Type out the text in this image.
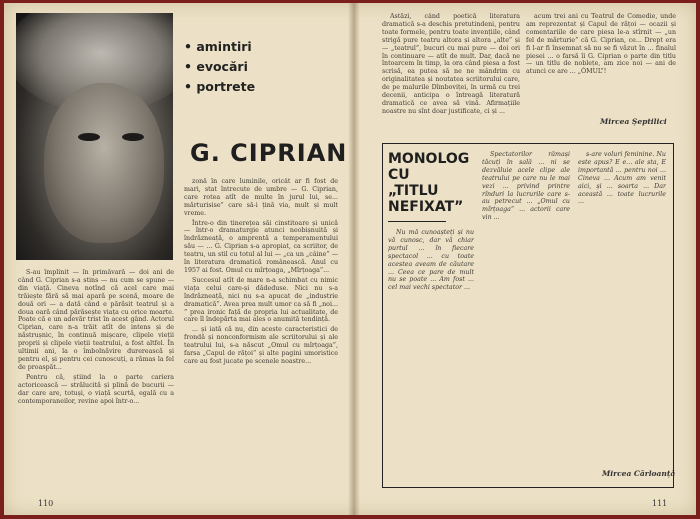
• amintiri
• evocări
• portrete
G. CIPRIAN

S-au împlinit — în primăvară — doi ani de când G. Ciprian s-a stins — nu cum se spune — din viață. Cineva notînd că acel care mai trăiește fără să mai apară pe scenă, moare de două ori — a dată când e părăsit teatrul și a doua oară când părăsește viața cu orice moarte. Poate că e un adevăr trist în acest gând. Actorul Ciprian, care n-a trăit atît de intens și de năstrușnic, în continuă mișcare, clipele vieții proprii și clipele vieții teatrului, a fost altfel. În ultimii ani, la o îmbolnăvire durerească și pentru el, și pentru cei cunoscuți, a rămas la fel de proaspăt...

Pentru că, știind la o parte cariera actoricească — strălucită și plină de bucurii — dar care are, totuși, o viață scurtă, egală cu a contemporaneilor, revine apoi într-o...

zonă în care luminile, oricât ar fi fost de mari, stat întrecute de umbre — G. Ciprian, care rotea atît de multe în jurul lui, se... mărturisise” care să-i țină via, mult și mult vreme.

Între-o din tinerețea săi cinstitoare și unică — într-o dramaturgie atunci neobișnuită și îndrăzneață, o amprentă a temperamentului său — ... G. Ciprian s-a apropiat, ca scriitor, de teatru, un stil cu totul al lui — „ca un „câine” — în literatura dramatică românească. Anul cu 1957 ai fost. Omul cu mîrțoaga, „Mîrțoaga”...

Succesul atît de mare n-a schimbat cu nimic viața celui care-și dădeduse. Nici nu s-a îndrăzneață, nici nu s-a apucat de „industrie dramatică”. Avea prea mult umor ca să fi „noi... ” prea ironic față de propria lui actualitate, de care îl îndepărta mai ales o anumită tendință.

... și iată că nu, din aceste caracteristici de frondă și nonconformism ale scriitorului și ale teatrului lui, s-a născut „Omul cu mîrțoaga”, farsa „Capul de rățoi” și alte pagini umoristice care au fost jucate pe scenele noastre...

110

Astăzi, când poetică literatura dramatică s-a deschis pretutindeni, pentru toate formele, pentru toate invențiile, când strigă pure teatru altora și altora „alte” și — „teatrul”, bucuri cu mai pure — doi ori în continuare — atît de mult. Dar, dacă ne întoarcem în timp, la ora când piesa a fost scrisă, ea putea să ne ne mândrim cu originalitatea și noutatea scriitorului care, de pe malurile Dîmboviței, în urmă cu trei decenii, anticipa o întreagă literatură dramatică ce avea să vină. Afirmațiile noastre nu sînt doar justificate, ci și ...

acum trei ani cu Teatrul de Comedie, unde am reprezentat și Capul de rățoi — ocazii și comentariile de care piesa le-a stîrnit — „un fel de mărturie” că G. Ciprian, ce... Drept era fi l-ar fi însemnat să nu se fi văzut în ... finalul piesei ... o farsă îi G. Ciprian o parte din titlu — un titlu de noblețe, am zice noi — ani de atunci ce are ... „ÓMUL”!

Mircea Șeptilici
MONOLOG
CU
„TITLU
NEFIXAT”

Nu mă cunoașteți și nu vă cunosc, dar vă chiar purtul ... în fiecare spectacol ... cu toate acestea aveam de căutare ... Ceea ce pare de mult nu se poate ... Am fost ... cel mai vechi spectator ...

Spectatorilor rămași tăcuți în sală ... ni se dezvăluie acele clipe ale teatrului pe care nu le mai vezi ... privind printre rînduri la lucrurile care s-au petrecut ... „Omul cu mîrțoaga” ... actorii care vin ...

s-are voluri feminine. Nu este apus? E e... ale sta, E importantă ... pentru noi ... Cineva ... Acum am venit aici, și ... soarta ... Dar această ... toate lucrurile ...

Mircea Cârloanță
111
